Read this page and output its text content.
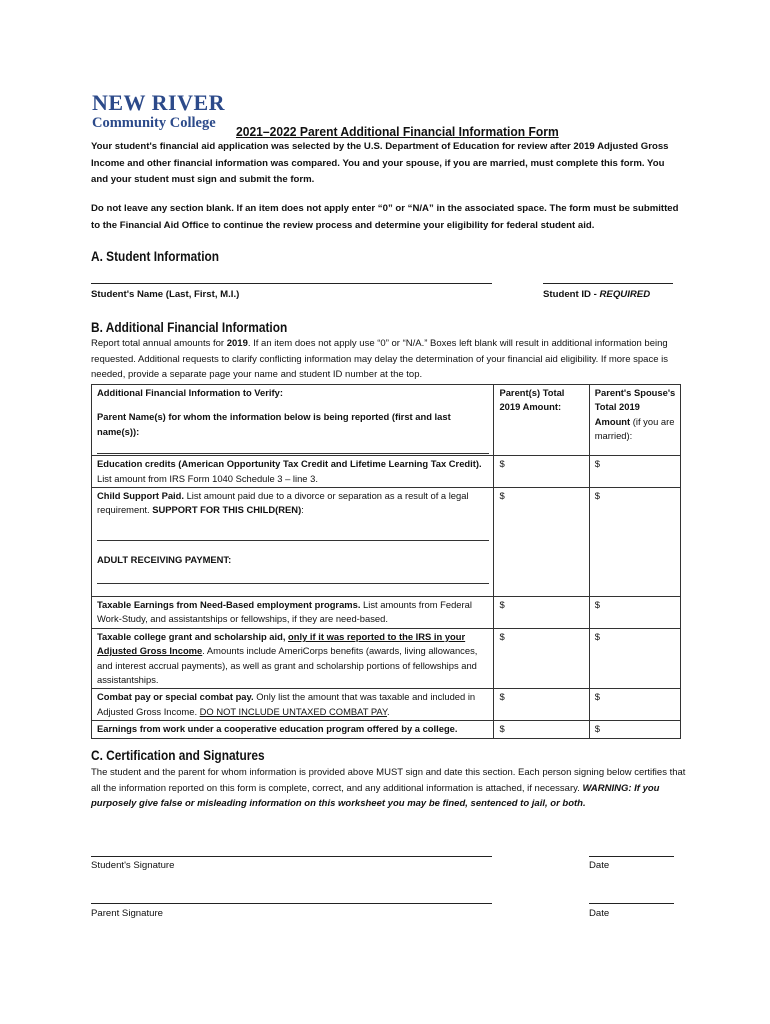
NEW RIVER
Community College
2021–2022 Parent Additional Financial Information Form
Your student's financial aid application was selected by the U.S. Department of Education for review after 2019 Adjusted Gross Income and other financial information was compared. You and your spouse, if you are married, must complete this form. You and your student must sign and submit the form.
Do not leave any section blank. If an item does not apply enter “0” or “N/A” in the associated space. The form must be submitted to the Financial Aid Office to continue the review process and determine your eligibility for federal student aid.
A. Student Information
Student's Name (Last, First, M.I.)	Student ID - REQUIRED
B. Additional Financial Information
Report total annual amounts for 2019. If an item does not apply use “0” or “N/A.” Boxes left blank will result in additional information being requested. Additional requests to clarify conflicting information may delay the determination of your financial aid eligibility. If more space is needed, provide a separate page your name and student ID number at the top.
Additional Financial Information to Verify:
Parent Name(s) for whom the information below is being reported (first and last name(s)):	Parent(s) Total 2019 Amount:	Parent's Spouse's Total 2019 Amount (if you are married):
Education credits (American Opportunity Tax Credit and Lifetime Learning Tax Credit). List amount from IRS Form 1040 Schedule 3 – line 3.	$	$
Child Support Paid. List amount paid due to a divorce or separation as a result of a legal requirement. SUPPORT FOR THIS CHILD(REN):
ADULT RECEIVING PAYMENT:	$	$
Taxable Earnings from Need-Based employment programs. List amounts from Federal Work-Study, and assistantships or fellowships, if they are need-based.	$	$
Taxable college grant and scholarship aid, only if it was reported to the IRS in your Adjusted Gross Income. Amounts include AmeriCorps benefits (awards, living allowances, and interest accrual payments), as well as grant and scholarship portions of fellowships and assistantships.	$	$
Combat pay or special combat pay. Only list the amount that was taxable and included in Adjusted Gross Income. DO NOT INCLUDE UNTAXED COMBAT PAY.	$	$
Earnings from work under a cooperative education program offered by a college.	$	$
C. Certification and Signatures
The student and the parent for whom information is provided above MUST sign and date this section. Each person signing below certifies that all the information reported on this form is complete, correct, and any additional information is attached, if necessary. WARNING: If you purposely give false or misleading information on this worksheet you may be fined, sentenced to jail, or both.
Student's Signature	Date
Parent Signature	Date
